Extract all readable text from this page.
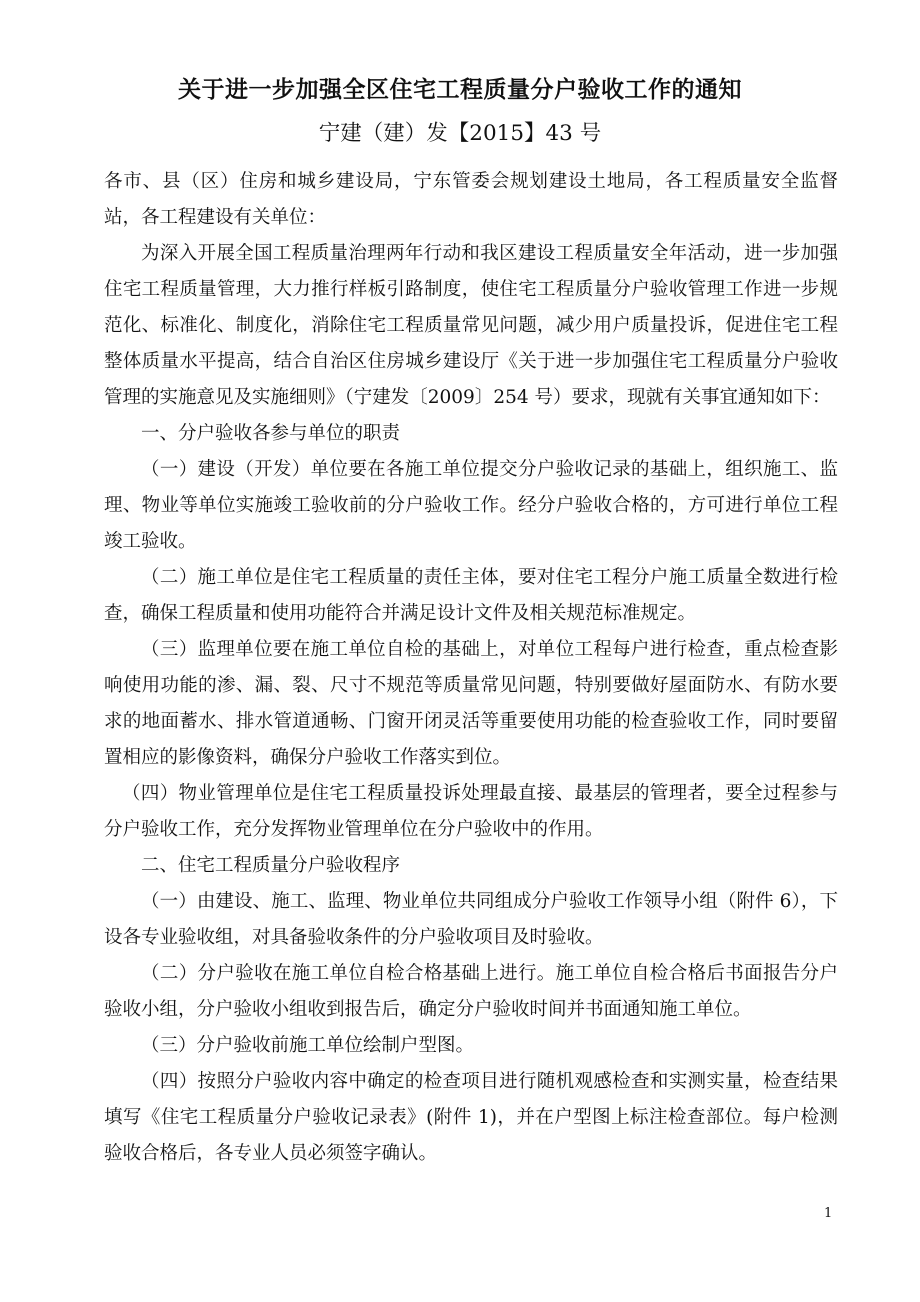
关于进一步加强全区住宅工程质量分户验收工作的通知
宁建（建）发【2015】43 号

各市、县（区）住房和城乡建设局，宁东管委会规划建设土地局，各工程质量安全监督站，各工程建设有关单位：

为深入开展全国工程质量治理两年行动和我区建设工程质量安全年活动，进一步加强住宅工程质量管理，大力推行样板引路制度，使住宅工程质量分户验收管理工作进一步规范化、标准化、制度化，消除住宅工程质量常见问题，减少用户质量投诉，促进住宅工程整体质量水平提高，结合自治区住房城乡建设厅《关于进一步加强住宅工程质量分户验收管理的实施意见及实施细则》（宁建发〔2009〕254 号）要求，现就有关事宜通知如下：

一、分户验收各参与单位的职责

（一）建设（开发）单位要在各施工单位提交分户验收记录的基础上，组织施工、监理、物业等单位实施竣工验收前的分户验收工作。经分户验收合格的，方可进行单位工程竣工验收。

（二）施工单位是住宅工程质量的责任主体，要对住宅工程分户施工质量全数进行检查，确保工程质量和使用功能符合并满足设计文件及相关规范标准规定。

（三）监理单位要在施工单位自检的基础上，对单位工程每户进行检查，重点检查影响使用功能的渗、漏、裂、尺寸不规范等质量常见问题，特别要做好屋面防水、有防水要求的地面蓄水、排水管道通畅、门窗开闭灵活等重要使用功能的检查验收工作，同时要留置相应的影像资料，确保分户验收工作落实到位。

（四）物业管理单位是住宅工程质量投诉处理最直接、最基层的管理者，要全过程参与分户验收工作，充分发挥物业管理单位在分户验收中的作用。

二、住宅工程质量分户验收程序

（一）由建设、施工、监理、物业单位共同组成分户验收工作领导小组（附件 6），下设各专业验收组，对具备验收条件的分户验收项目及时验收。

（二）分户验收在施工单位自检合格基础上进行。施工单位自检合格后书面报告分户验收小组，分户验收小组收到报告后，确定分户验收时间并书面通知施工单位。

（三）分户验收前施工单位绘制户型图。

（四）按照分户验收内容中确定的检查项目进行随机观感检查和实测实量，检查结果填写《住宅工程质量分户验收记录表》(附件 1)，并在户型图上标注检查部位。每户检测验收合格后，各专业人员必须签字确认。

1
